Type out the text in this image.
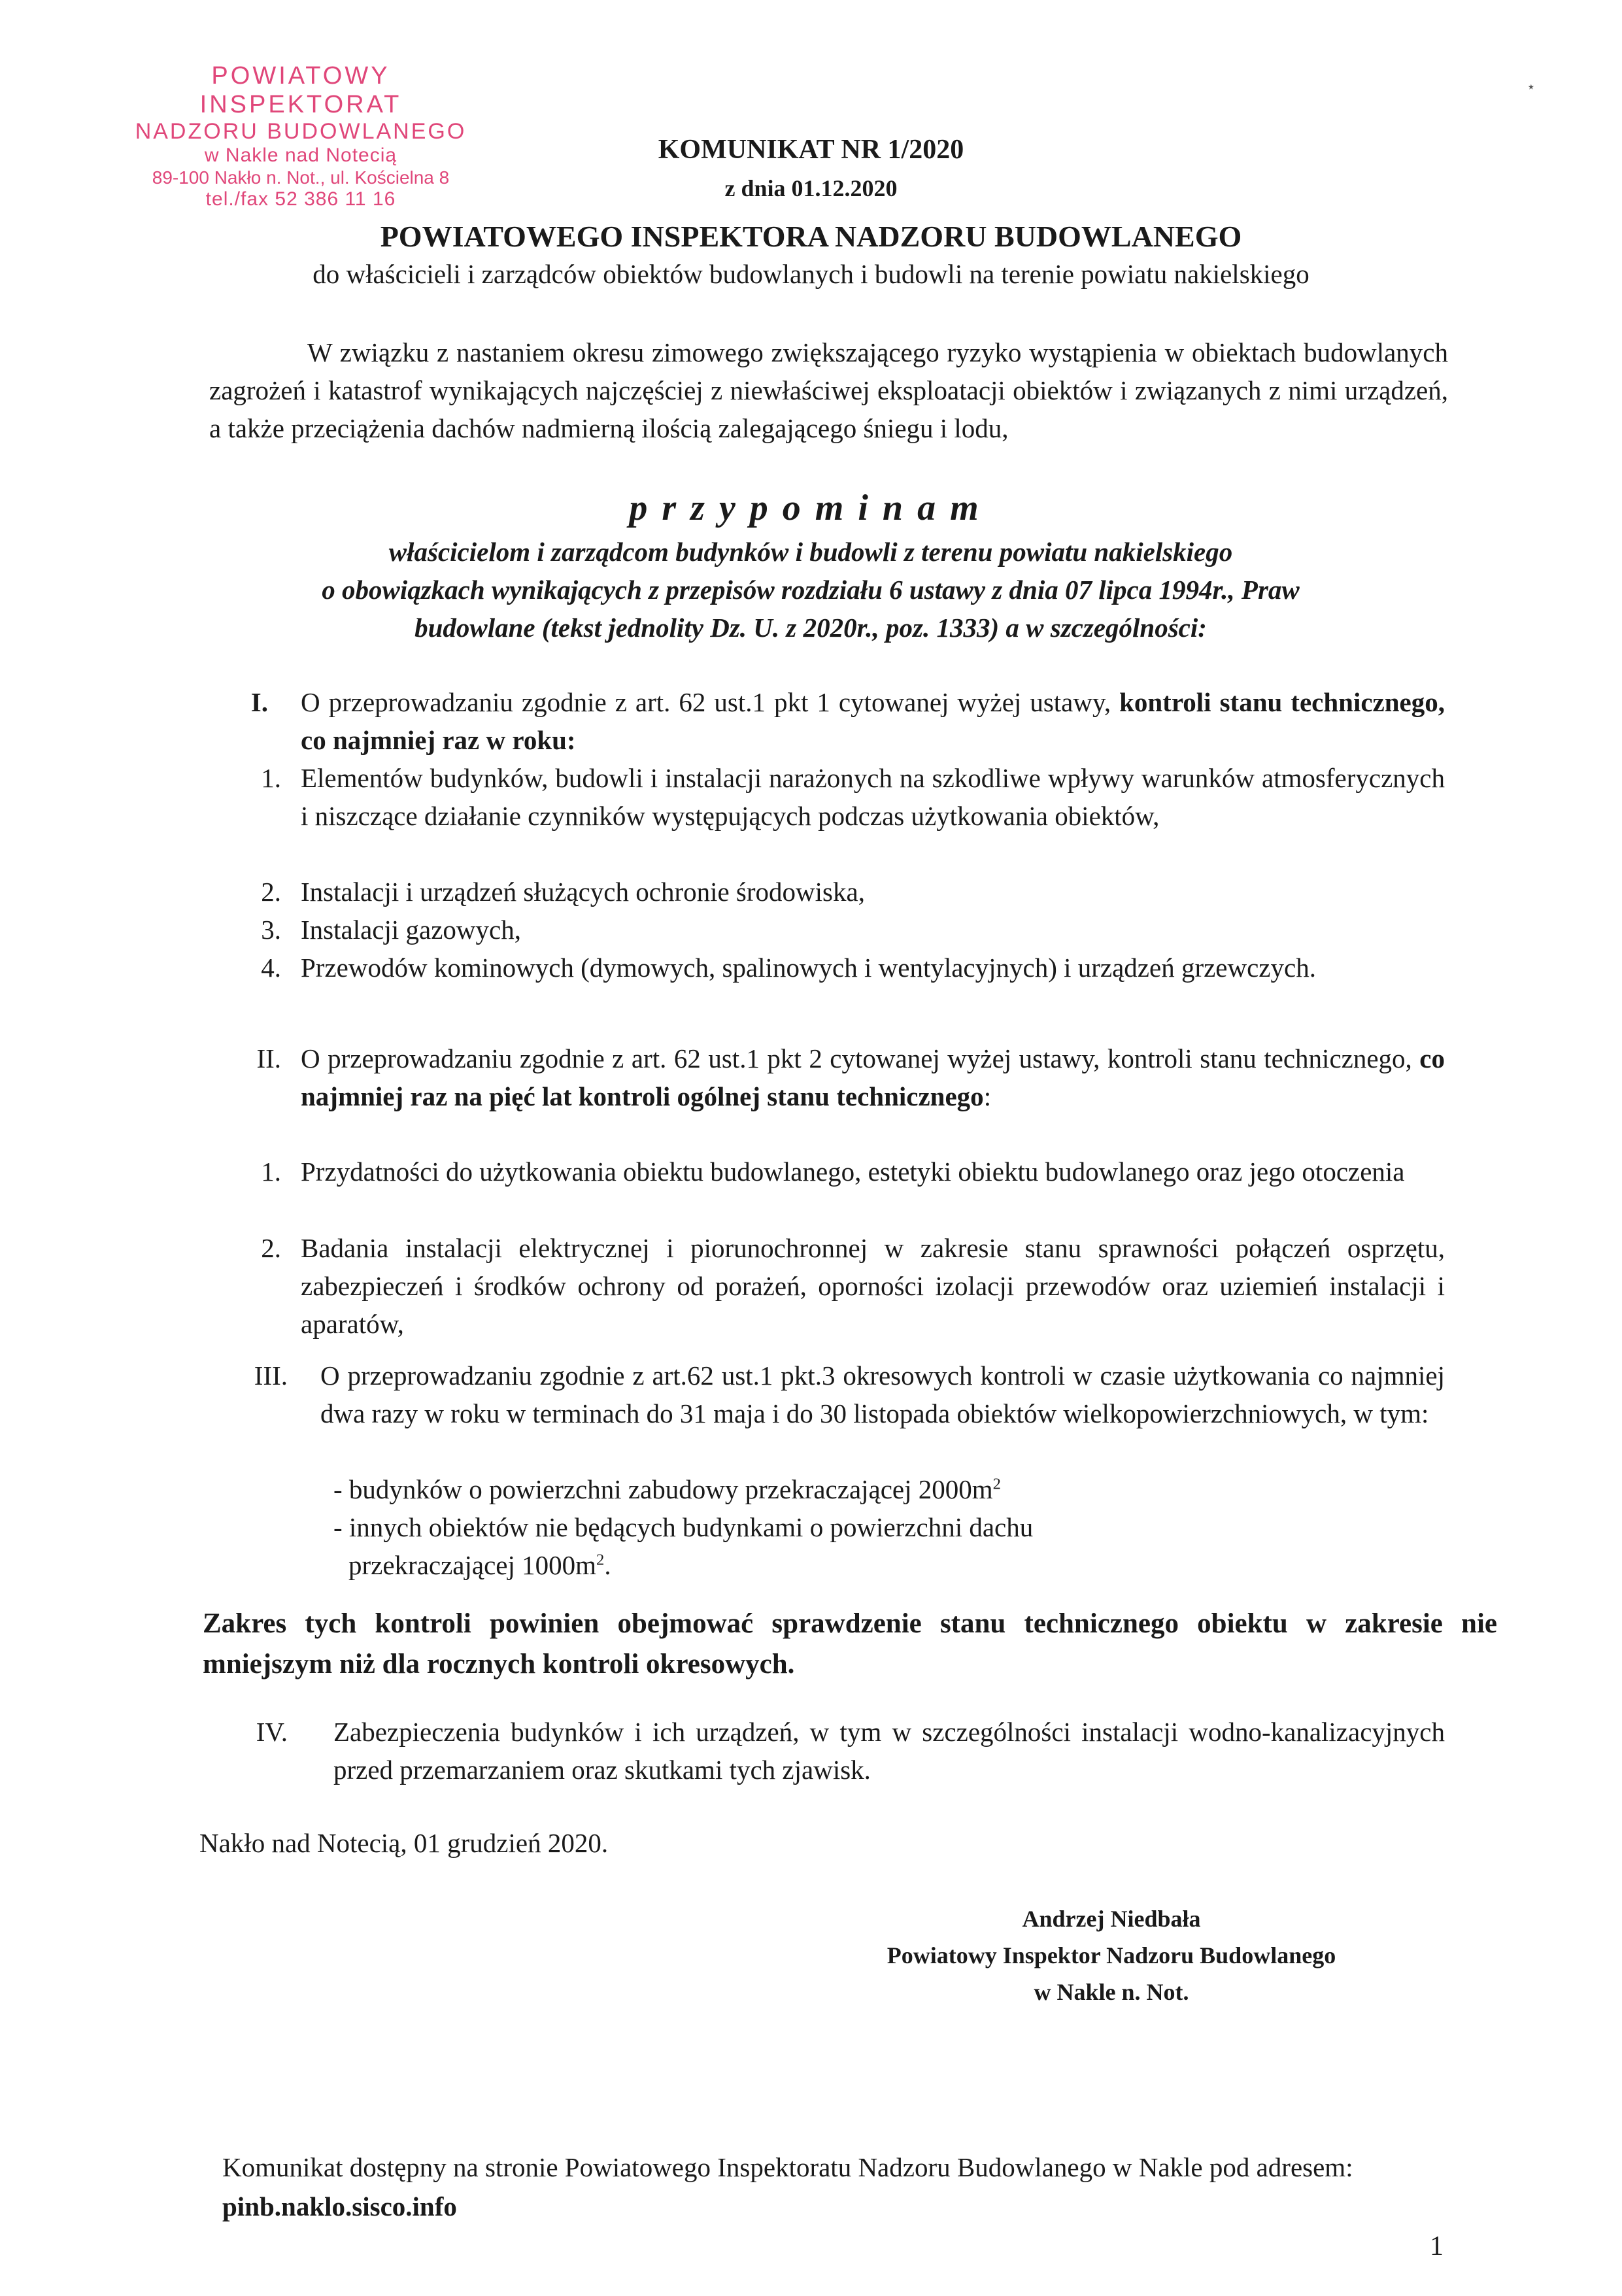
POWIATOWY INSPEKTORAT
NADZORU BUDOWLANEGO
w Nakle nad Notecią
89-100 Nakło n. Not., ul. Kościelna 8
tel./fax 52 386 11 16
⋆
KOMUNIKAT NR 1/2020
z dnia 01.12.2020
POWIATOWEGO INSPEKTORA NADZORU BUDOWLANEGO
do właścicieli i zarządców obiektów budowlanych i budowli na terenie powiatu nakielskiego
W związku z nastaniem okresu zimowego zwiększającego ryzyko wystąpienia w obiektach budowlanych zagrożeń i katastrof wynikających najczęściej z niewłaściwej eksploatacji obiektów i związanych z nimi urządzeń, a także przeciążenia dachów nadmierną ilością zalegającego śniegu i lodu,
przypominam
właścicielom i zarządcom budynków i budowli z terenu powiatu nakielskiego
o obowiązkach wynikających z przepisów rozdziału 6 ustawy z dnia 07 lipca 1994r., Praw
budowlane (tekst jednolity Dz. U. z 2020r., poz. 1333) a w szczególności:
I. O przeprowadzaniu zgodnie z art. 62 ust.1 pkt 1 cytowanej wyżej ustawy, kontroli stanu technicznego, co najmniej raz w roku:
1. Elementów budynków, budowli i instalacji narażonych na szkodliwe wpływy warunków atmosferycznych i niszczące działanie czynników występujących podczas użytkowania obiektów,
2. Instalacji i urządzeń służących ochronie środowiska,
3. Instalacji gazowych,
4. Przewodów kominowych (dymowych, spalinowych i wentylacyjnych) i urządzeń grzewczych.
II. O przeprowadzaniu zgodnie z art. 62 ust.1 pkt 2 cytowanej wyżej ustawy, kontroli stanu technicznego, co najmniej raz na pięć lat kontroli ogólnej stanu technicznego:
1. Przydatności do użytkowania obiektu budowlanego, estetyki obiektu budowlanego oraz jego otoczenia
2. Badania instalacji elektrycznej i piorunochronnej w zakresie stanu sprawności połączeń osprzętu, zabezpieczeń i środków ochrony od porażeń, oporności izolacji przewodów oraz uziemień instalacji i aparatów,
III. O przeprowadzaniu zgodnie z art.62 ust.1 pkt.3 okresowych kontroli w czasie użytkowania co najmniej dwa razy w roku w terminach do 31 maja i do 30 listopada obiektów wielkopowierzchniowych, w tym:
- budynków o powierzchni zabudowy przekraczającej $2000m^2$
- innych obiektów nie będących budynkami o powierzchni dachu
przekraczającej $1000m^2$.
Zakres tych kontroli powinien obejmować sprawdzenie stanu technicznego obiektu w zakresie nie mniejszym niż dla rocznych kontroli okresowych.
IV. Zabezpieczenia budynków i ich urządzeń, w tym w szczególności instalacji wodno-kanalizacyjnych przed przemarzaniem oraz skutkami tych zjawisk.
Nakło nad Notecią, 01 grudzień 2020.
Andrzej Niedbała
Powiatowy Inspektor Nadzoru Budowlanego
w Nakle n. Not.
Komunikat dostępny na stronie Powiatowego Inspektoratu Nadzoru Budowlanego w Nakle pod adresem: pinb.naklo.sisco.info
1
